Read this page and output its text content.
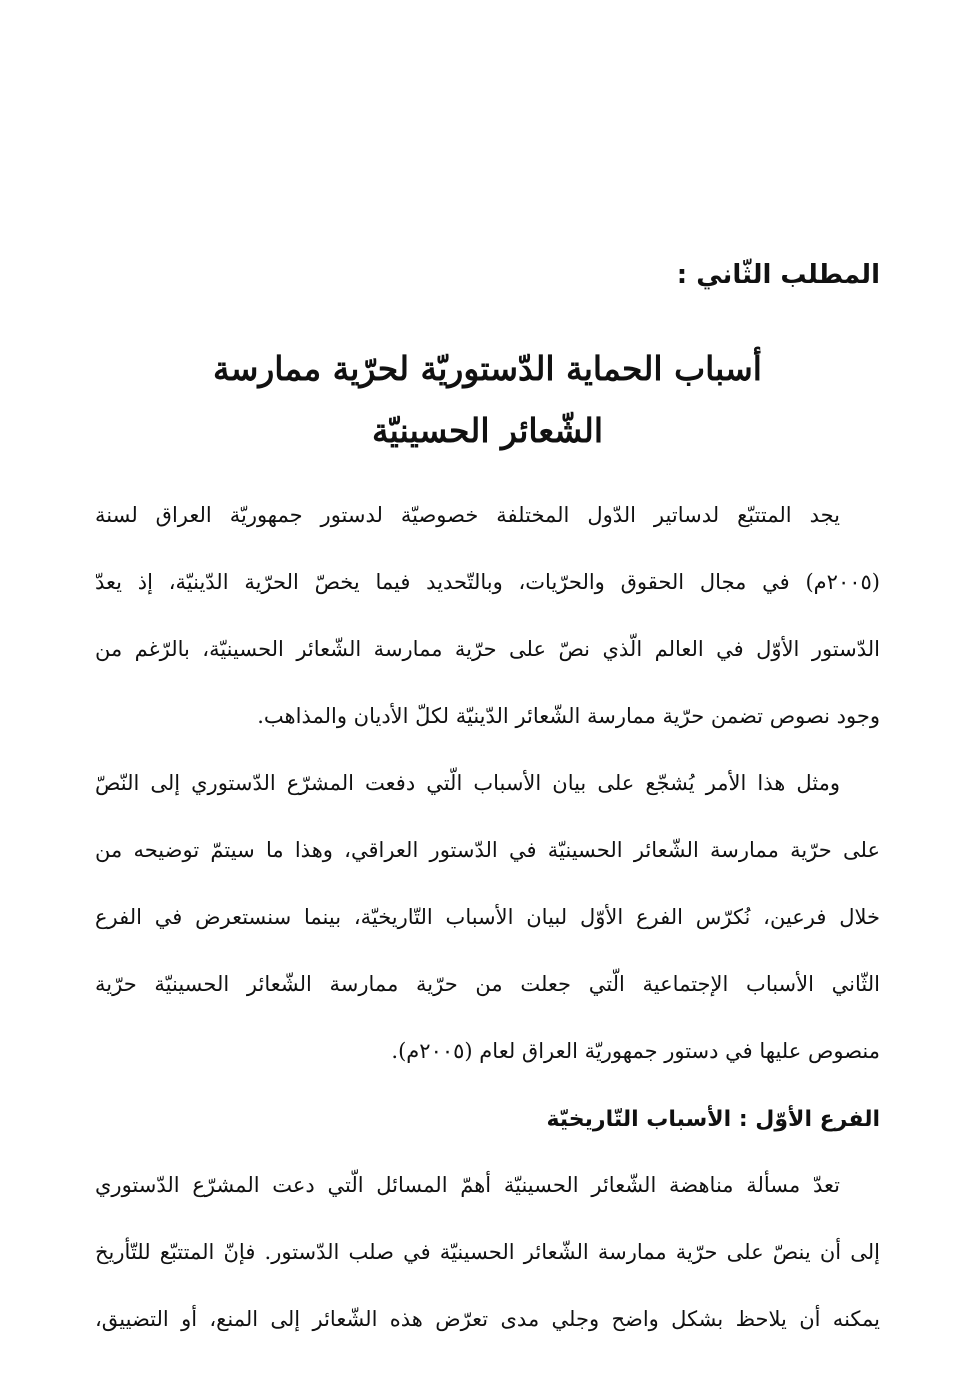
المطلب الثّاني :
أسباب الحماية الدّستوريّة لحرّية ممارسة
الشّعائر الحسينيّة

يجد المتتبّع لدساتير الدّول المختلفة خصوصيّة لدستور جمهوريّة العراق لسنة
(٢٠٠٥م) في مجال الحقوق والحرّيات، وبالتّحديد فيما يخصّ الحرّية الدّينيّة، إذ يعدّ
الدّستور الأوّل في العالم الّذي نصّ على حرّية ممارسة الشّعائر الحسينيّة، بالرّغم من
وجود نصوص تضمن حرّية ممارسة الشّعائر الدّينيّة لكلّ الأديان والمذاهب.

ومثل هذا الأمر يُشجّع على بيان الأسباب الّتي دفعت المشرّع الدّستوري إلى النّصّ
على حرّية ممارسة الشّعائر الحسينيّة في الدّستور العراقي، وهذا ما سيتمّ توضيحه من
خلال فرعين، نُكرّس الفرع الأوّل لبيان الأسباب التّاريخيّة، بينما سنستعرض في الفرع
الثّاني الأسباب الإجتماعية الّتي جعلت من حرّية ممارسة الشّعائر الحسينيّة حرّية
منصوص عليها في دستور جمهوريّة العراق لعام (٢٠٠٥م).

الفرع الأوّل : الأسباب التّاريخيّة

تعدّ مسألة مناهضة الشّعائر الحسينيّة أهمّ المسائل الّتي دعت المشرّع الدّستوري
إلى أن ينصّ على حرّية ممارسة الشّعائر الحسينيّة في صلب الدّستور. فإنّ المتتبّع للتّأريخ
يمكنه أن يلاحظ بشكل واضح وجلي مدى تعرّض هذه الشّعائر إلى المنع، أو التضييق،
